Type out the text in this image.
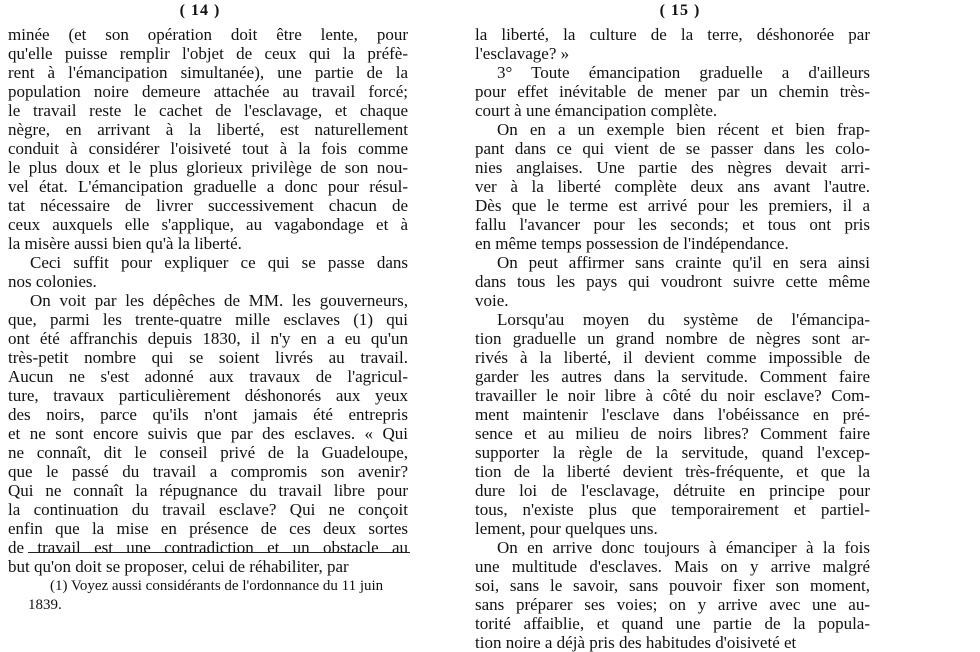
( 14 )
minée (et son opération doit être lente, pour
qu'elle puisse remplir l'objet de ceux qui la préfè-
rent à l'émancipation simultanée), une partie de la
population noire demeure attachée au travail forcé;
le travail reste le cachet de l'esclavage, et chaque
nègre, en arrivant à la liberté, est naturellement
conduit à considérer l'oisiveté tout à la fois comme
le plus doux et le plus glorieux privilège de son nou-
vel état. L'émancipation graduelle a donc pour résul-
tat nécessaire de livrer successivement chacun de
ceux auxquels elle s'applique, au vagabondage et à
la misère aussi bien qu'à la liberté.
Ceci suffit pour expliquer ce qui se passe dans
nos colonies.
On voit par les dépêches de MM. les gouverneurs,
que, parmi les trente-quatre mille esclaves (1) qui
ont été affranchis depuis 1830, il n'y en a eu qu'un
très-petit nombre qui se soient livrés au travail.
Aucun ne s'est adonné aux travaux de l'agricul-
ture, travaux particulièrement déshonorés aux yeux
des noirs, parce qu'ils n'ont jamais été entrepris
et ne sont encore suivis que par des esclaves. « Qui
ne connaît, dit le conseil privé de la Guadeloupe,
que le passé du travail a compromis son avenir?
Qui ne connaît la répugnance du travail libre pour
la continuation du travail esclave? Qui ne conçoit
enfin que la mise en présence de ces deux sortes
de travail est une contradiction et un obstacle au
but qu'on doit se proposer, celui de réhabiliter, par
(1) Voyez aussi considérants de l'ordonnance du 11 juin
1839.
( 15 )
la liberté, la culture de la terre, déshonorée par
l'esclavage? »
3° Toute émancipation graduelle a d'ailleurs
pour effet inévitable de mener par un chemin très-
court à une émancipation complète.
On en a un exemple bien récent et bien frap-
pant dans ce qui vient de se passer dans les colo-
nies anglaises. Une partie des nègres devait arri-
ver à la liberté complète deux ans avant l'autre.
Dès que le terme est arrivé pour les premiers, il a
fallu l'avancer pour les seconds; et tous ont pris
en même temps possession de l'indépendance.
On peut affirmer sans crainte qu'il en sera ainsi
dans tous les pays qui voudront suivre cette même
voie.
Lorsqu'au moyen du système de l'émancipa-
tion graduelle un grand nombre de nègres sont ar-
rivés à la liberté, il devient comme impossible de
garder les autres dans la servitude. Comment faire
travailler le noir libre à côté du noir esclave? Com-
ment maintenir l'esclave dans l'obéissance en pré-
sence et au milieu de noirs libres? Comment faire
supporter la règle de la servitude, quand l'excep-
tion de la liberté devient très-fréquente, et que la
dure loi de l'esclavage, détruite en principe pour
tous, n'existe plus que temporairement et partiel-
lement, pour quelques uns.
On en arrive donc toujours à émanciper à la fois
une multitude d'esclaves. Mais on y arrive malgré
soi, sans le savoir, sans pouvoir fixer son moment,
sans préparer ses voies; on y arrive avec une au-
torité affaiblie, et quand une partie de la popula-
tion noire a déjà pris des habitudes d'oisiveté et
